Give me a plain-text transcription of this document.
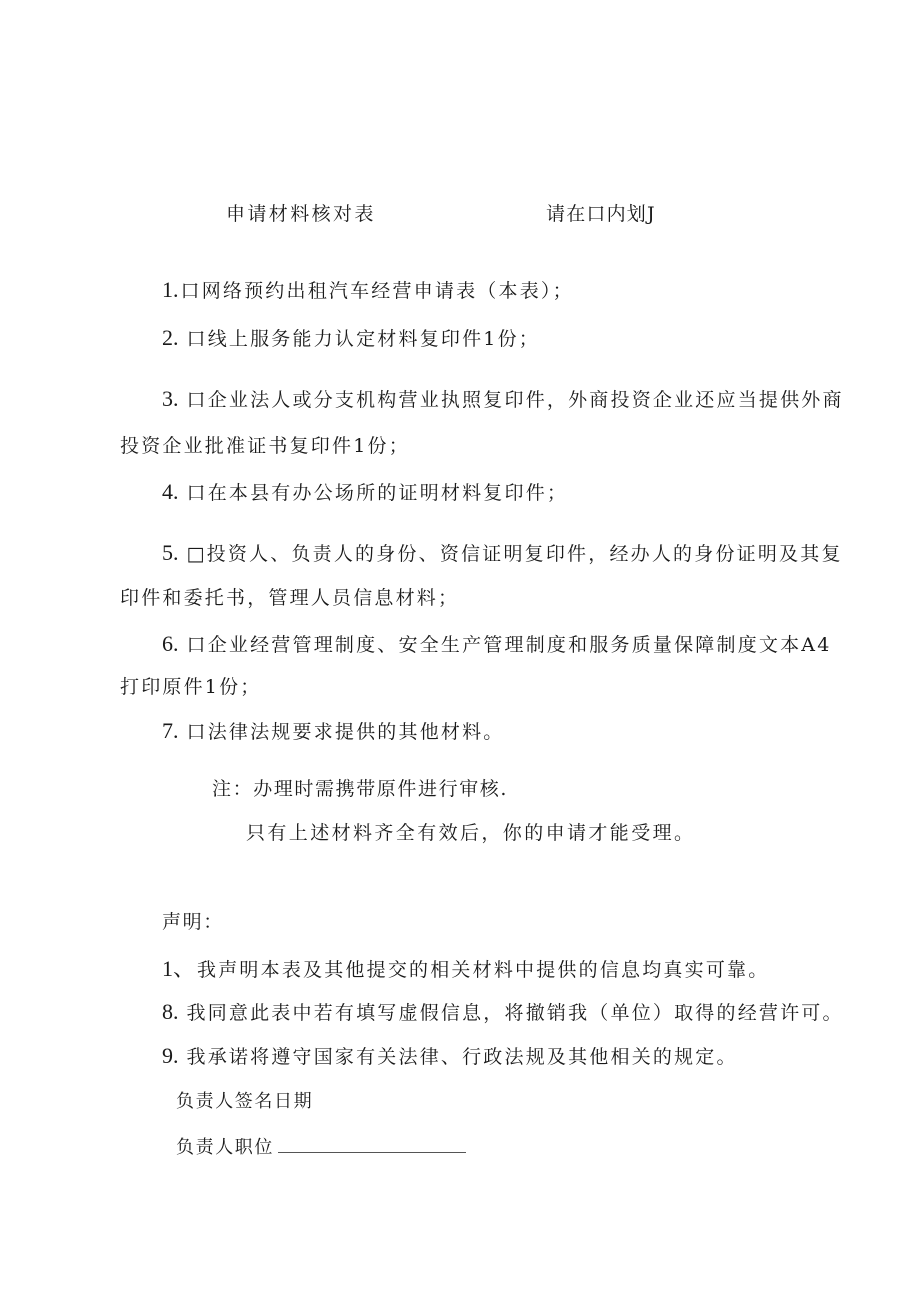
申请材料核对表	请在口内划J
1. 口网络预约出租汽车经营申请表（本表）；
2. 口线上服务能力认定材料复印件1份；
3. 口企业法人或分支机构营业执照复印件，外商投资企业还应当提供外商
投资企业批准证书复印件1份；
4. 口在本县有办公场所的证明材料复印件；
5. □投资人、负责人的身份、资信证明复印件，经办人的身份证明及其复
印件和委托书，管理人员信息材料；
6. 口企业经营管理制度、安全生产管理制度和服务质量保障制度文本A4
打印原件1份；
7. 口法律法规要求提供的其他材料。
注：办理时需携带原件进行审核.
只有上述材料齐全有效后，你的申请才能受理。
声明：
1、 我声明本表及其他提交的相关材料中提供的信息均真实可靠。
8. 我同意此表中若有填写虚假信息，将撤销我（单位）取得的经营许可。
9. 我承诺将遵守国家有关法律、行政法规及其他相关的规定。
负责人签名日期
负责人职位
